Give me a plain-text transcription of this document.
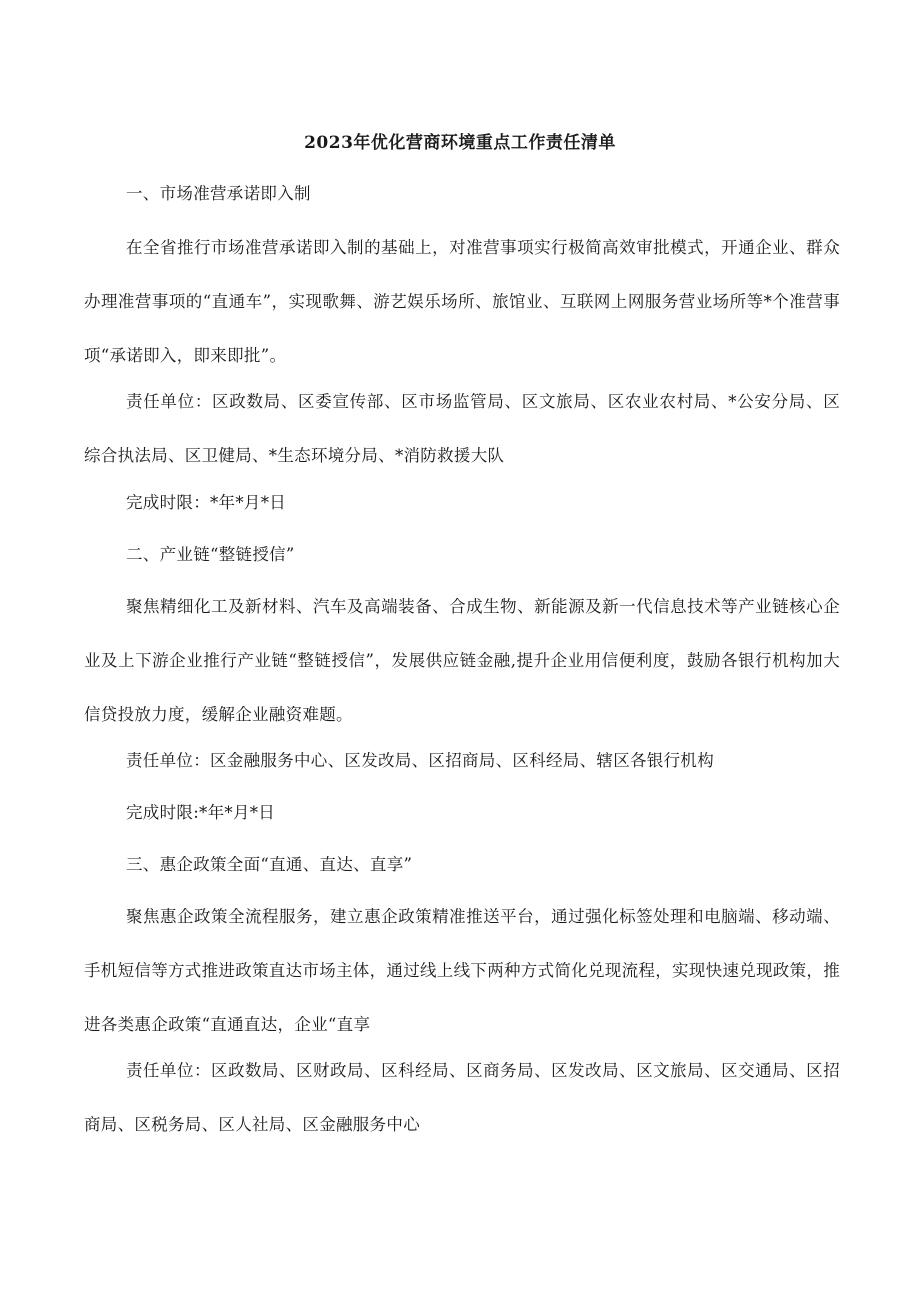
2023年优化营商环境重点工作责任清单
一、市场准营承诺即入制
在全省推行市场准营承诺即入制的基础上，对准营事项实行极简高效审批模式，开通企业、群众办理准营事项的“直通车”，实现歌舞、游艺娱乐场所、旅馆业、互联网上网服务营业场所等*个准营事项“承诺即入，即来即批”。
责任单位：区政数局、区委宣传部、区市场监管局、区文旅局、区农业农村局、*公安分局、区综合执法局、区卫健局、*生态环境分局、*消防救援大队
完成时限：*年*月*日
二、产业链“整链授信”
聚焦精细化工及新材料、汽车及高端装备、合成生物、新能源及新一代信息技术等产业链核心企业及上下游企业推行产业链“整链授信”，发展供应链金融,提升企业用信便利度，鼓励各银行机构加大信贷投放力度，缓解企业融资难题。
责任单位：区金融服务中心、区发改局、区招商局、区科经局、辖区各银行机构
完成时限:*年*月*日
三、惠企政策全面“直通、直达、直享”
聚焦惠企政策全流程服务，建立惠企政策精准推送平台，通过强化标签处理和电脑端、移动端、手机短信等方式推进政策直达市场主体，通过线上线下两种方式简化兑现流程，实现快速兑现政策，推进各类惠企政策“直通直达，企业“直享
责任单位：区政数局、区财政局、区科经局、区商务局、区发改局、区文旅局、区交通局、区招商局、区税务局、区人社局、区金融服务中心
